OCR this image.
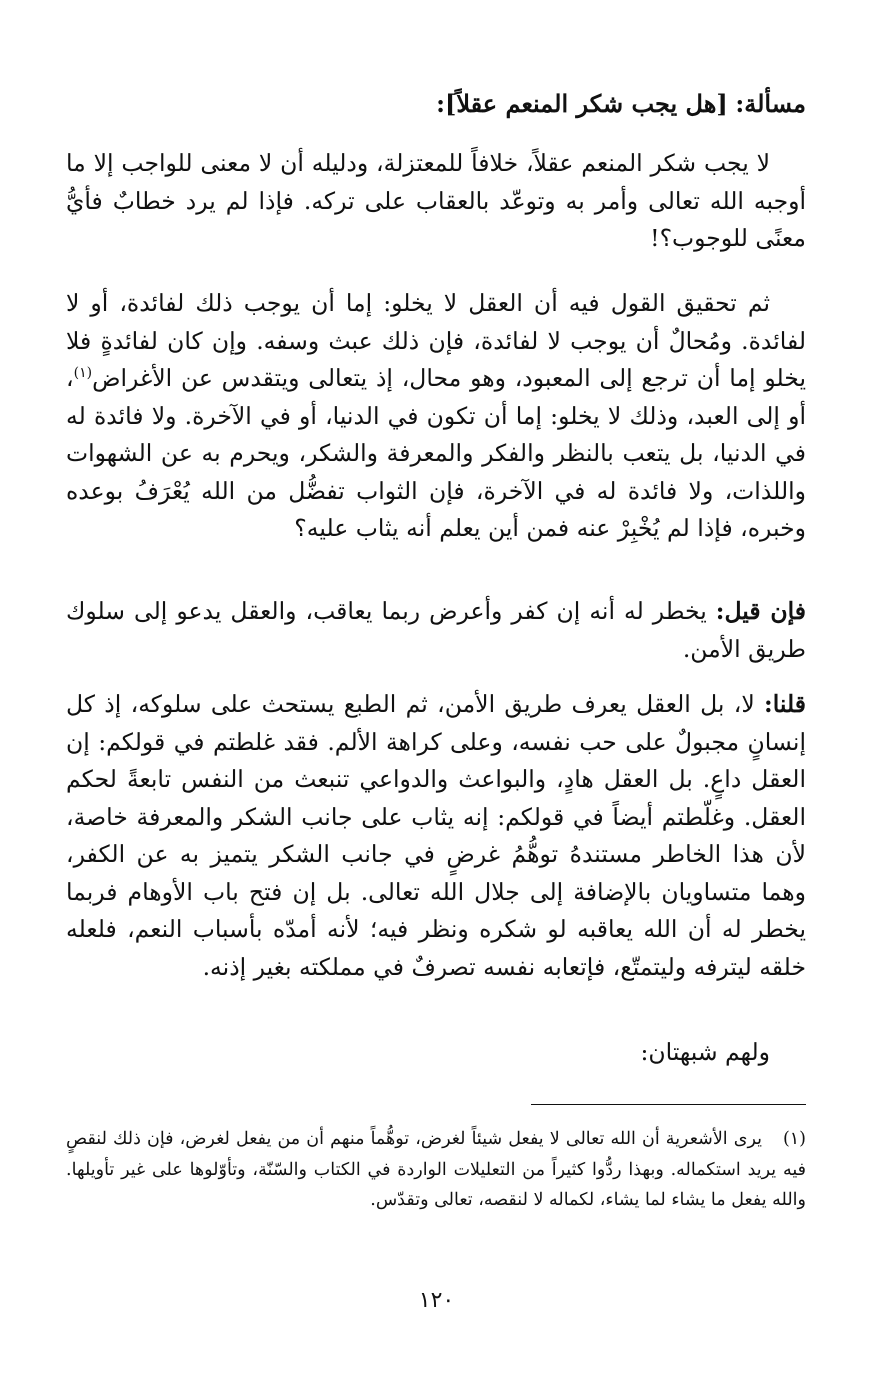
مسألة: [هل يجب شكر المنعم عقلاً]:
لا يجب شكر المنعم عقلاً، خلافاً للمعتزلة، ودليله أن لا معنى للواجب إلا ما أوجبه الله تعالى وأمر به وتوعّد بالعقاب على تركه. فإذا لم يرد خطابٌ فأيُّ معنًى للوجوب؟!
ثم تحقيق القول فيه أن العقل لا يخلو: إما أن يوجب ذلك لفائدة، أو لا لفائدة. ومُحالٌ أن يوجب لا لفائدة، فإن ذلك عبث وسفه. وإن كان لفائدةٍ فلا يخلو إما أن ترجع إلى المعبود، وهو محال، إذ يتعالى ويتقدس عن الأغراض$^{(١)}$، أو إلى العبد، وذلك لا يخلو: إما أن تكون في الدنيا، أو في الآخرة. ولا فائدة له في الدنيا، بل يتعب بالنظر والفكر والمعرفة والشكر، ويحرم به عن الشهوات واللذات، ولا فائدة له في الآخرة، فإن الثواب تفضُّل من الله يُعْرَفُ بوعده وخبره، فإذا لم يُخْبِرْ عنه فمن أين يعلم أنه يثاب عليه؟
فإن قيل: يخطر له أنه إن كفر وأعرض ربما يعاقب، والعقل يدعو إلى سلوك طريق الأمن.
قلنا: لا، بل العقل يعرف طريق الأمن، ثم الطبع يستحث على سلوكه، إذ كل إنسانٍ مجبولٌ على حب نفسه، وعلى كراهة الألم. فقد غلطتم في قولكم: إن العقل داعٍ. بل العقل هادٍ، والبواعث والدواعي تنبعث من النفس تابعةً لحكم العقل. وغلّطتم أيضاً في قولكم: إنه يثاب على جانب الشكر والمعرفة خاصة، لأن هذا الخاطر مستندهُ توهُّمُ غرضٍ في جانب الشكر يتميز به عن الكفر، وهما متساويان بالإضافة إلى جلال الله تعالى. بل إن فتح باب الأوهام فربما يخطر له أن الله يعاقبه لو شكره ونظر فيه؛ لأنه أمدّه بأسباب النعم، فلعله خلقه ليترفه وليتمتّع، فإتعابه نفسه تصرفٌ في مملكته بغير إذنه.
ولهم شبهتان:
(١)يرى الأشعرية أن الله تعالى لا يفعل شيئاً لغرض، توهُّماً منهم أن من يفعل لغرض، فإن ذلك لنقصٍ فيه يريد استكماله. وبهذا ردُّوا كثيراً من التعليلات الواردة في الكتاب والسّنّة، وتأوّلوها على غير تأويلها. والله يفعل ما يشاء لما يشاء، لكماله لا لنقصه، تعالى وتقدّس.
١٢٠
